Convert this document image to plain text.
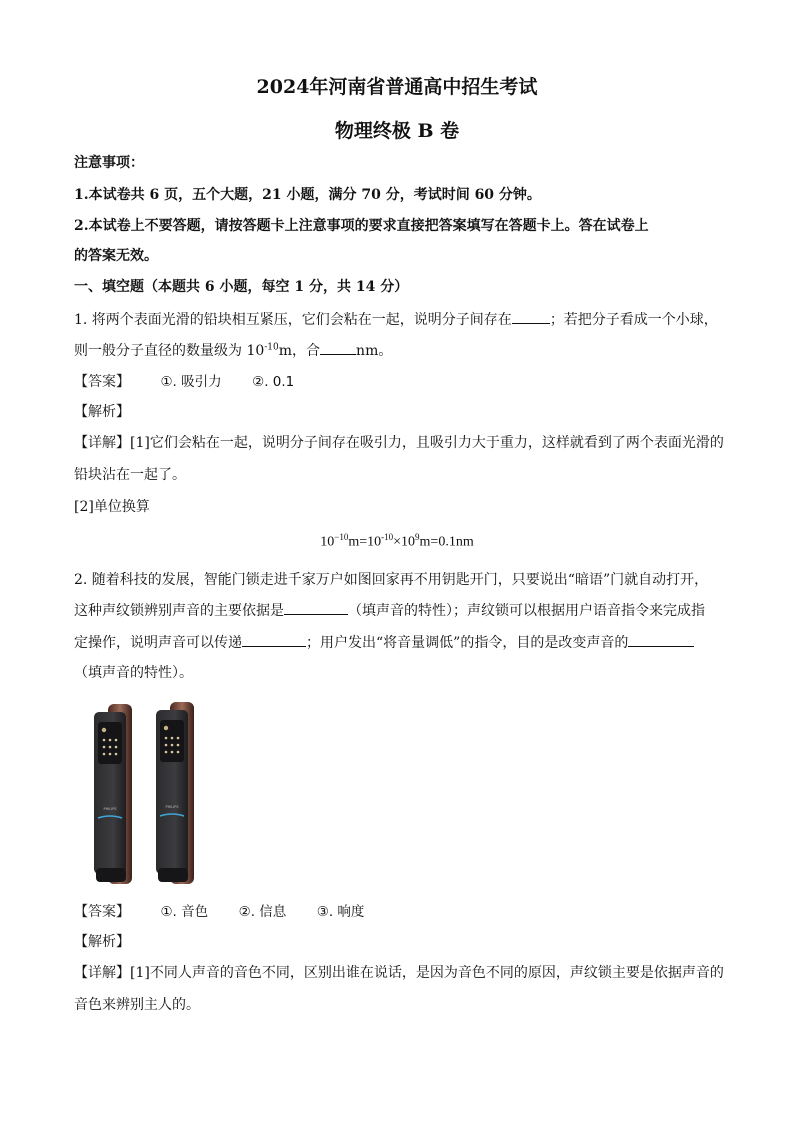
2024年河南省普通高中招生考试
物理终极 B 卷
注意事项：
1.本试卷共 6 页，五个大题，21 小题，满分 70 分，考试时间 60 分钟。
2.本试卷上不要答题，请按答题卡上注意事项的要求直接把答案填写在答题卡上。答在试卷上
的答案无效。
一、填空题（本题共 6 小题，每空 1 分，共 14 分）
1. 将两个表面光滑的铅块相互紧压，它们会粘在一起，说明分子间存在	；若把分子看成一个小球，
则一般分子直径的数量级为 $10^{-10}m$，合	nm。
【答案】 ①. 吸引力 ②. 0.1
【解析】
【详解】[1]它们会粘在一起，说明分子间存在吸引力，且吸引力大于重力，这样就看到了两个表面光滑的
铅块沾在一起了。
[2]单位换算
$10^{-10}m=10^{-10}\times 10^9m=0.1nm$
2. 随着科技的发展，智能门锁走进千家万户如图回家再不用钥匙开门，只要说出“暗语”门就自动打开，
这种声纹锁辨别声音的主要依据是	（填声音的特性）；声纹锁可以根据用户语音指令来完成指
定操作，说明声音可以传递	；用户发出“将音量调低”的指令，目的是改变声音的
（填声音的特性）。
PHILIPS	PHILIPS
【答案】 ①. 音色 ②. 信息 ③. 响度
【解析】
【详解】[1]不同人声音的音色不同，区别出谁在说话，是因为音色不同的原因，声纹锁主要是依据声音的
音色来辨别主人的。
